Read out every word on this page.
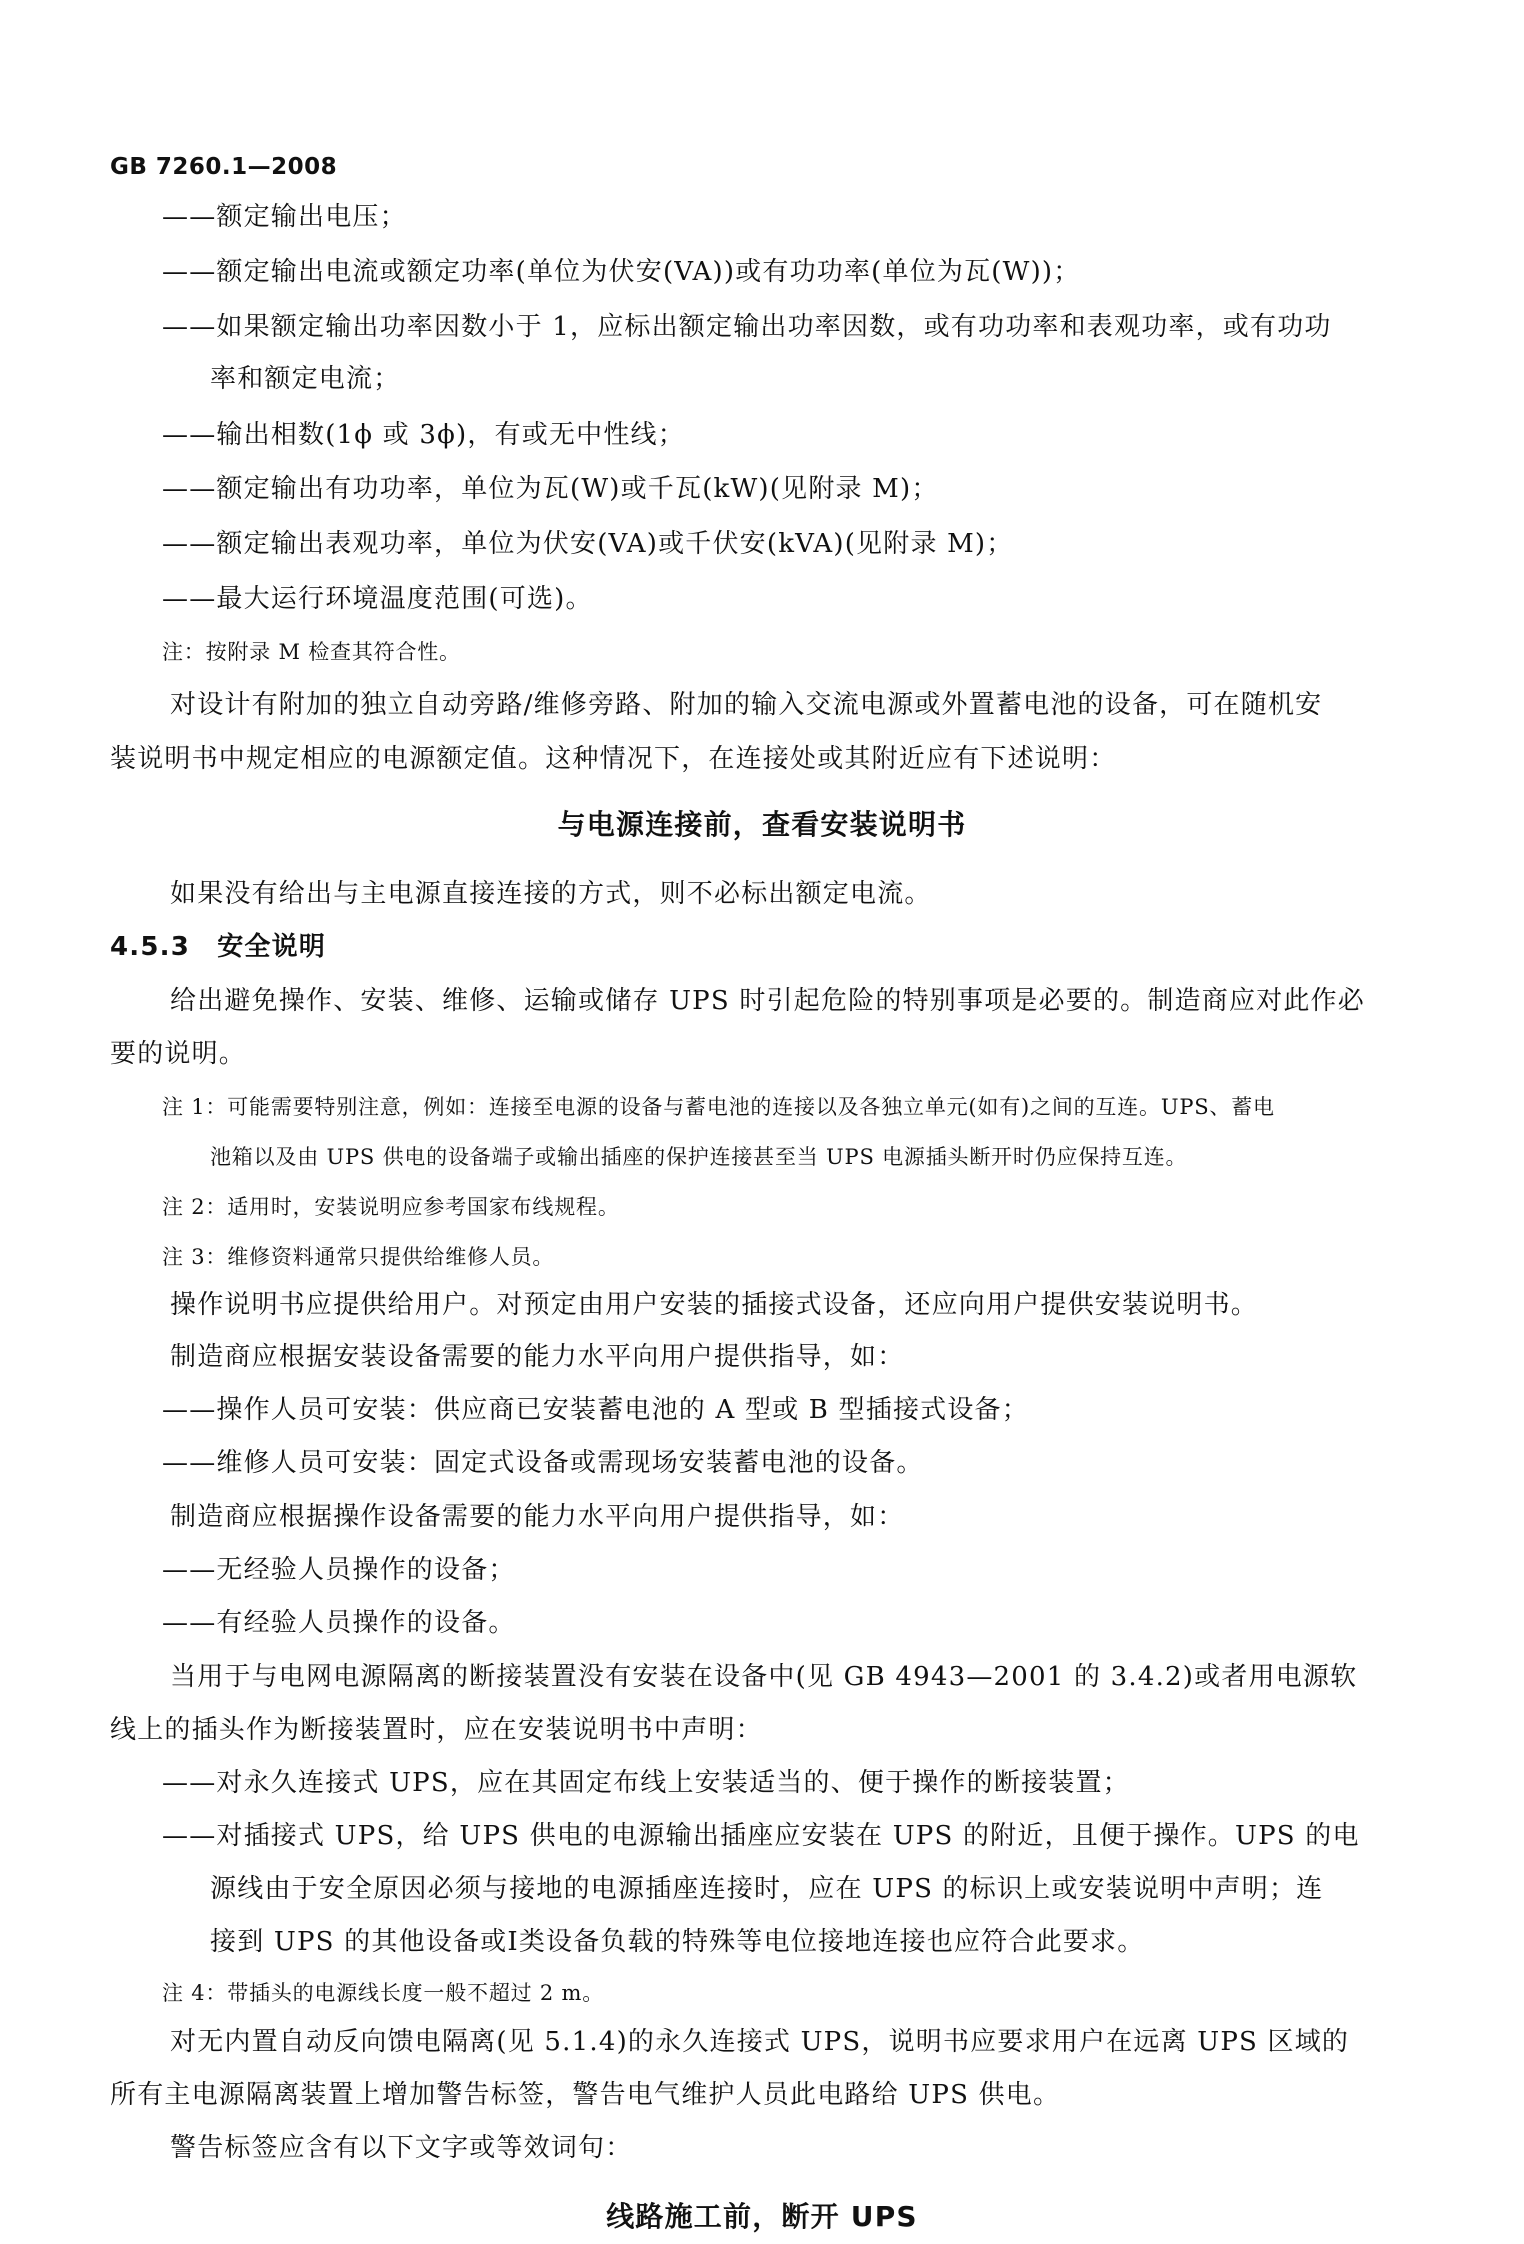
GB 7260.1—2008
——额定输出电压；
——额定输出电流或额定功率(单位为伏安(VA))或有功功率(单位为瓦(W))；
——如果额定输出功率因数小于 1，应标出额定输出功率因数，或有功功率和表观功率，或有功功
率和额定电流；
——输出相数(1ϕ 或 3ϕ)，有或无中性线；
——额定输出有功功率，单位为瓦(W)或千瓦(kW)(见附录 M)；
——额定输出表观功率，单位为伏安(VA)或千伏安(kVA)(见附录 M)；
——最大运行环境温度范围(可选)。
注：按附录 M 检查其符合性。
对设计有附加的独立自动旁路/维修旁路、附加的输入交流电源或外置蓄电池的设备，可在随机安
装说明书中规定相应的电源额定值。这种情况下，在连接处或其附近应有下述说明：
如果没有给出与主电源直接连接的方式，则不必标出额定电流。
4.5.3　安全说明
给出避免操作、安装、维修、运输或储存 UPS 时引起危险的特别事项是必要的。制造商应对此作必
要的说明。
注 1：可能需要特别注意，例如：连接至电源的设备与蓄电池的连接以及各独立单元(如有)之间的互连。UPS、蓄电
池箱以及由 UPS 供电的设备端子或输出插座的保护连接甚至当 UPS 电源插头断开时仍应保持互连。
注 2：适用时，安装说明应参考国家布线规程。
注 3：维修资料通常只提供给维修人员。
操作说明书应提供给用户。对预定由用户安装的插接式设备，还应向用户提供安装说明书。
制造商应根据安装设备需要的能力水平向用户提供指导，如：
——操作人员可安装：供应商已安装蓄电池的 A 型或 B 型插接式设备；
——维修人员可安装：固定式设备或需现场安装蓄电池的设备。
制造商应根据操作设备需要的能力水平向用户提供指导，如：
——无经验人员操作的设备；
——有经验人员操作的设备。
当用于与电网电源隔离的断接装置没有安装在设备中(见 GB 4943—2001 的 3.4.2)或者用电源软
线上的插头作为断接装置时，应在安装说明书中声明：
——对永久连接式 UPS，应在其固定布线上安装适当的、便于操作的断接装置；
——对插接式 UPS，给 UPS 供电的电源输出插座应安装在 UPS 的附近，且便于操作。UPS 的电
源线由于安全原因必须与接地的电源插座连接时，应在 UPS 的标识上或安装说明中声明；连
接到 UPS 的其他设备或Ⅰ类设备负载的特殊等电位接地连接也应符合此要求。
注 4：带插头的电源线长度一般不超过 2 m。
对无内置自动反向馈电隔离(见 5.1.4)的永久连接式 UPS，说明书应要求用户在远离 UPS 区域的
所有主电源隔离装置上增加警告标签，警告电气维护人员此电路给 UPS 供电。
警告标签应含有以下文字或等效词句：
与电源连接前，查看安装说明书
线路施工前，断开 UPS
